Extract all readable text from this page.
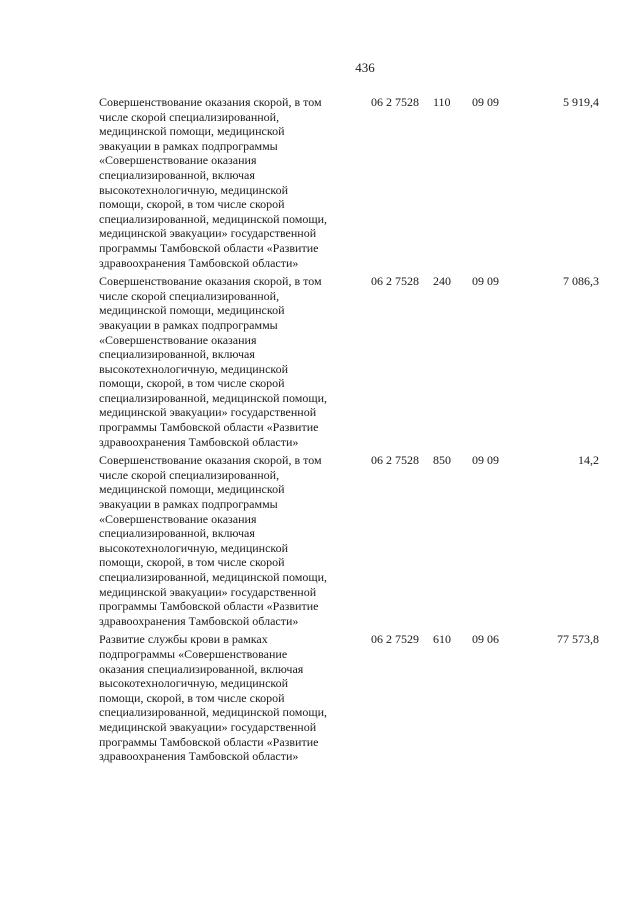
436
Совершенствование оказания скорой, в том
числе скорой специализированной,
медицинской помощи, медицинской
эвакуации в рамках подпрограммы
«Совершенствование оказания
специализированной, включая
высокотехнологичную, медицинской
помощи, скорой, в том числе скорой
специализированной, медицинской помощи,
медицинской эвакуации» государственной
программы Тамбовской области «Развитие
здравоохранения Тамбовской области»
06 2 7528 110 09 09	5 919,4
Совершенствование оказания скорой, в том
числе скорой специализированной,
медицинской помощи, медицинской
эвакуации в рамках подпрограммы
«Совершенствование оказания
специализированной, включая
высокотехнологичную, медицинской
помощи, скорой, в том числе скорой
специализированной, медицинской помощи,
медицинской эвакуации» государственной
программы Тамбовской области «Развитие
здравоохранения Тамбовской области»
06 2 7528 240 09 09	7 086,3
Совершенствование оказания скорой, в том
числе скорой специализированной,
медицинской помощи, медицинской
эвакуации в рамках подпрограммы
«Совершенствование оказания
специализированной, включая
высокотехнологичную, медицинской
помощи, скорой, в том числе скорой
специализированной, медицинской помощи,
медицинской эвакуации» государственной
программы Тамбовской области «Развитие
здравоохранения Тамбовской области»
06 2 7528 850 09 09	14,2
Развитие службы крови в рамках
подпрограммы «Совершенствование
оказания специализированной, включая
высокотехнологичную, медицинской
помощи, скорой, в том числе скорой
специализированной, медицинской помощи,
медицинской эвакуации» государственной
программы Тамбовской области «Развитие
здравоохранения Тамбовской области»
06 2 7529 610 09 06	77 573,8
